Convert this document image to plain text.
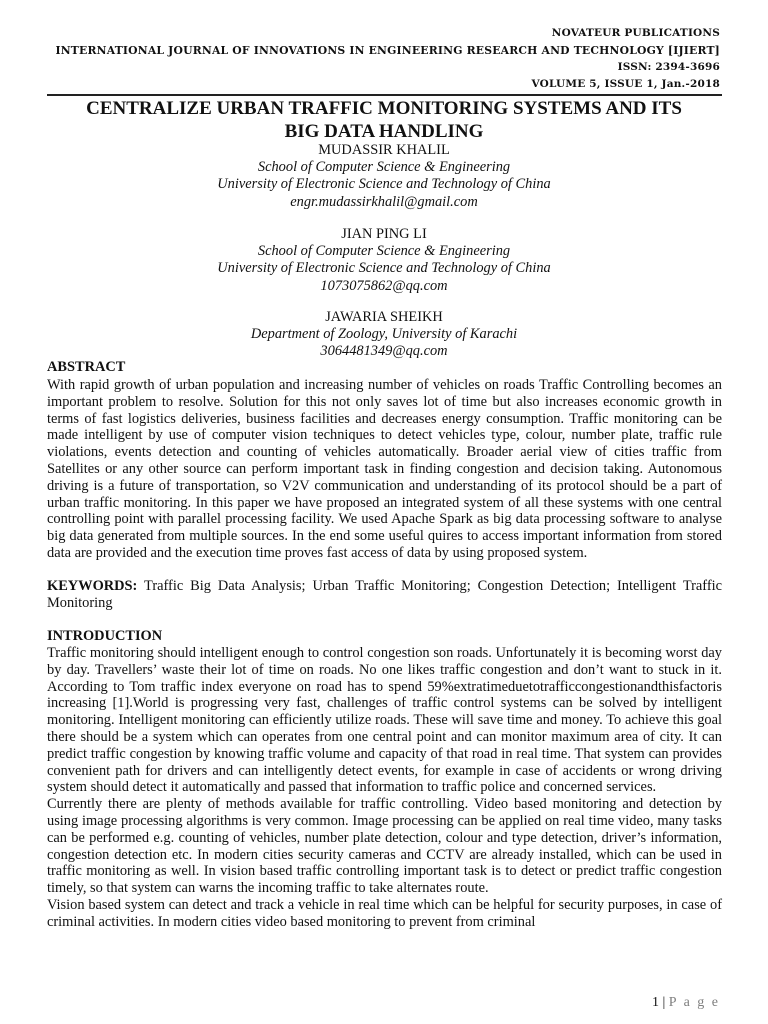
NOVATEUR PUBLICATIONS
INTERNATIONAL JOURNAL OF INNOVATIONS IN ENGINEERING RESEARCH AND TECHNOLOGY [IJIERT]
ISSN: 2394-3696
VOLUME 5, ISSUE 1, Jan.-2018
CENTRALIZE URBAN TRAFFIC MONITORING SYSTEMS AND ITS
BIG DATA HANDLING
MUDASSIR KHALIL
School of Computer Science & Engineering
University of Electronic Science and Technology of China
engr.mudassirkhalil@gmail.com
JIAN PING LI
School of Computer Science & Engineering
University of Electronic Science and Technology of China
1073075862@qq.com
JAWARIA SHEIKH
Department of Zoology, University of Karachi
3064481349@qq.com
ABSTRACT

With rapid growth of urban population and increasing number of vehicles on roads Traffic Controlling becomes an important problem to resolve. Solution for this not only saves lot of time but also increases economic growth in terms of fast logistics deliveries, business facilities and decreases energy consumption. Traffic monitoring can be made intelligent by use of computer vision techniques to detect vehicles type, colour, number plate, traffic rule violations, events detection and counting of vehicles automatically. Broader aerial view of cities traffic from Satellites or any other source can perform important task in finding congestion and decision taking. Autonomous driving is a future of transportation, so V2V communication and understanding of its protocol should be a part of urban traffic monitoring. In this paper we have proposed an integrated system of all these systems with one central controlling point with parallel processing facility. We used Apache Spark as big data processing software to analyse big data generated from multiple sources. In the end some useful quires to access important information from stored data are provided and the execution time proves fast access of data by using proposed system.

KEYWORDS: Traffic Big Data Analysis; Urban Traffic Monitoring; Congestion Detection; Intelligent Traffic Monitoring

INTRODUCTION

Traffic monitoring should intelligent enough to control congestion son roads. Unfortunately it is becoming worst day by day. Travellers’ waste their lot of time on roads. No one likes traffic congestion and don’t want to stuck in it. According to Tom traffic index everyone on road has to spend 59%extratimeduetotrafficcongestionandthisfactoris increasing [1].World is progressing very fast, challenges of traffic control systems can be solved by intelligent monitoring. Intelligent monitoring can efficiently utilize roads. These will save time and money. To achieve this goal there should be a system which can operates from one central point and can monitor maximum area of city. It can predict traffic congestion by knowing traffic volume and capacity of that road in real time. That system can provides convenient path for drivers and can intelligently detect events, for example in case of accidents or wrong driving system should detect it automatically and passed that information to traffic police and concerned services.

Currently there are plenty of methods available for traffic controlling. Video based monitoring and detection by using image processing algorithms is very common. Image processing can be applied on real time video, many tasks can be performed e.g. counting of vehicles, number plate detection, colour and type detection, driver’s information, congestion detection etc. In modern cities security cameras and CCTV are already installed, which can be used in traffic monitoring as well. In vision based traffic controlling important task is to detect or predict traffic congestion timely, so that system can warns the incoming traffic to take alternates route.

Vision based system can detect and track a vehicle in real time which can be helpful for security purposes, in case of criminal activities. In modern cities video based monitoring to prevent from criminal

1 | P a g e
